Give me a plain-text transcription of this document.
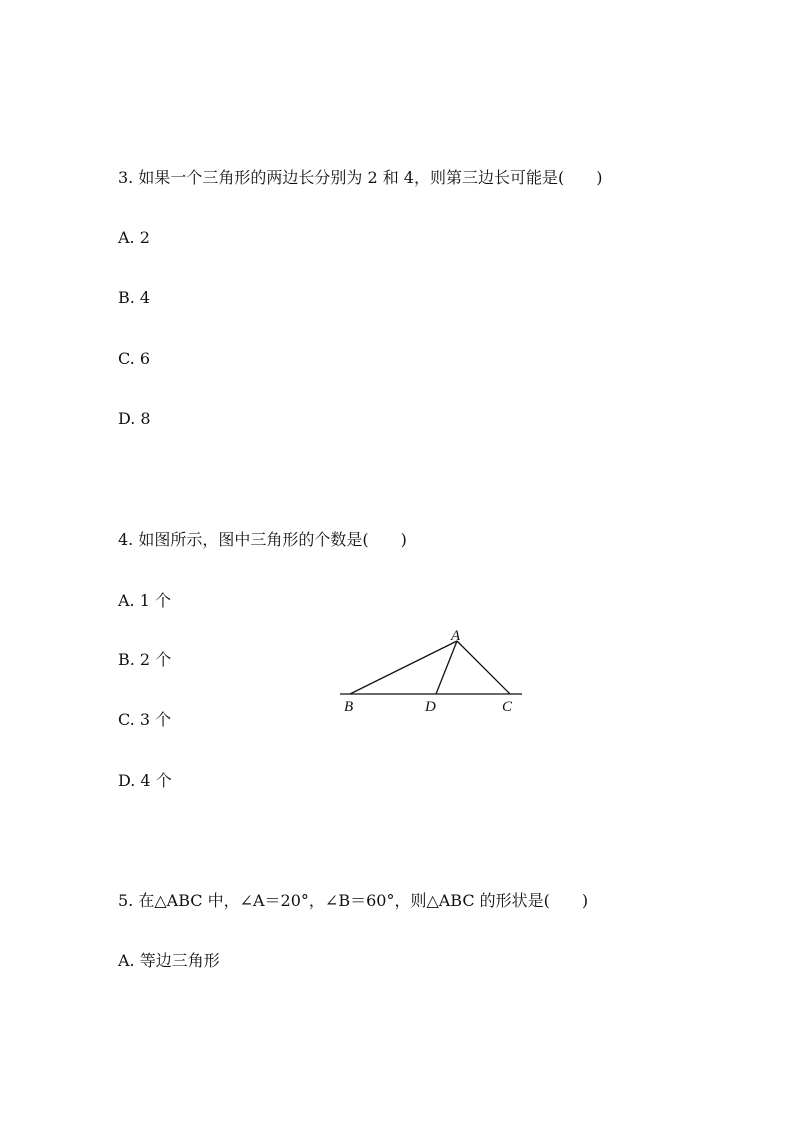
3. 如果一个三角形的两边长分别为 2 和 4，则第三边长可能是(　　)
A. 2
B. 4
C. 6
D. 8
4. 如图所示，图中三角形的个数是(　　)
A. 1 个
B. 2 个
C. 3 个
D. 4 个
A
B	D	C
5. 在△ABC 中，∠A＝20°，∠B＝60°，则△ABC 的形状是(　　)
A. 等边三角形
